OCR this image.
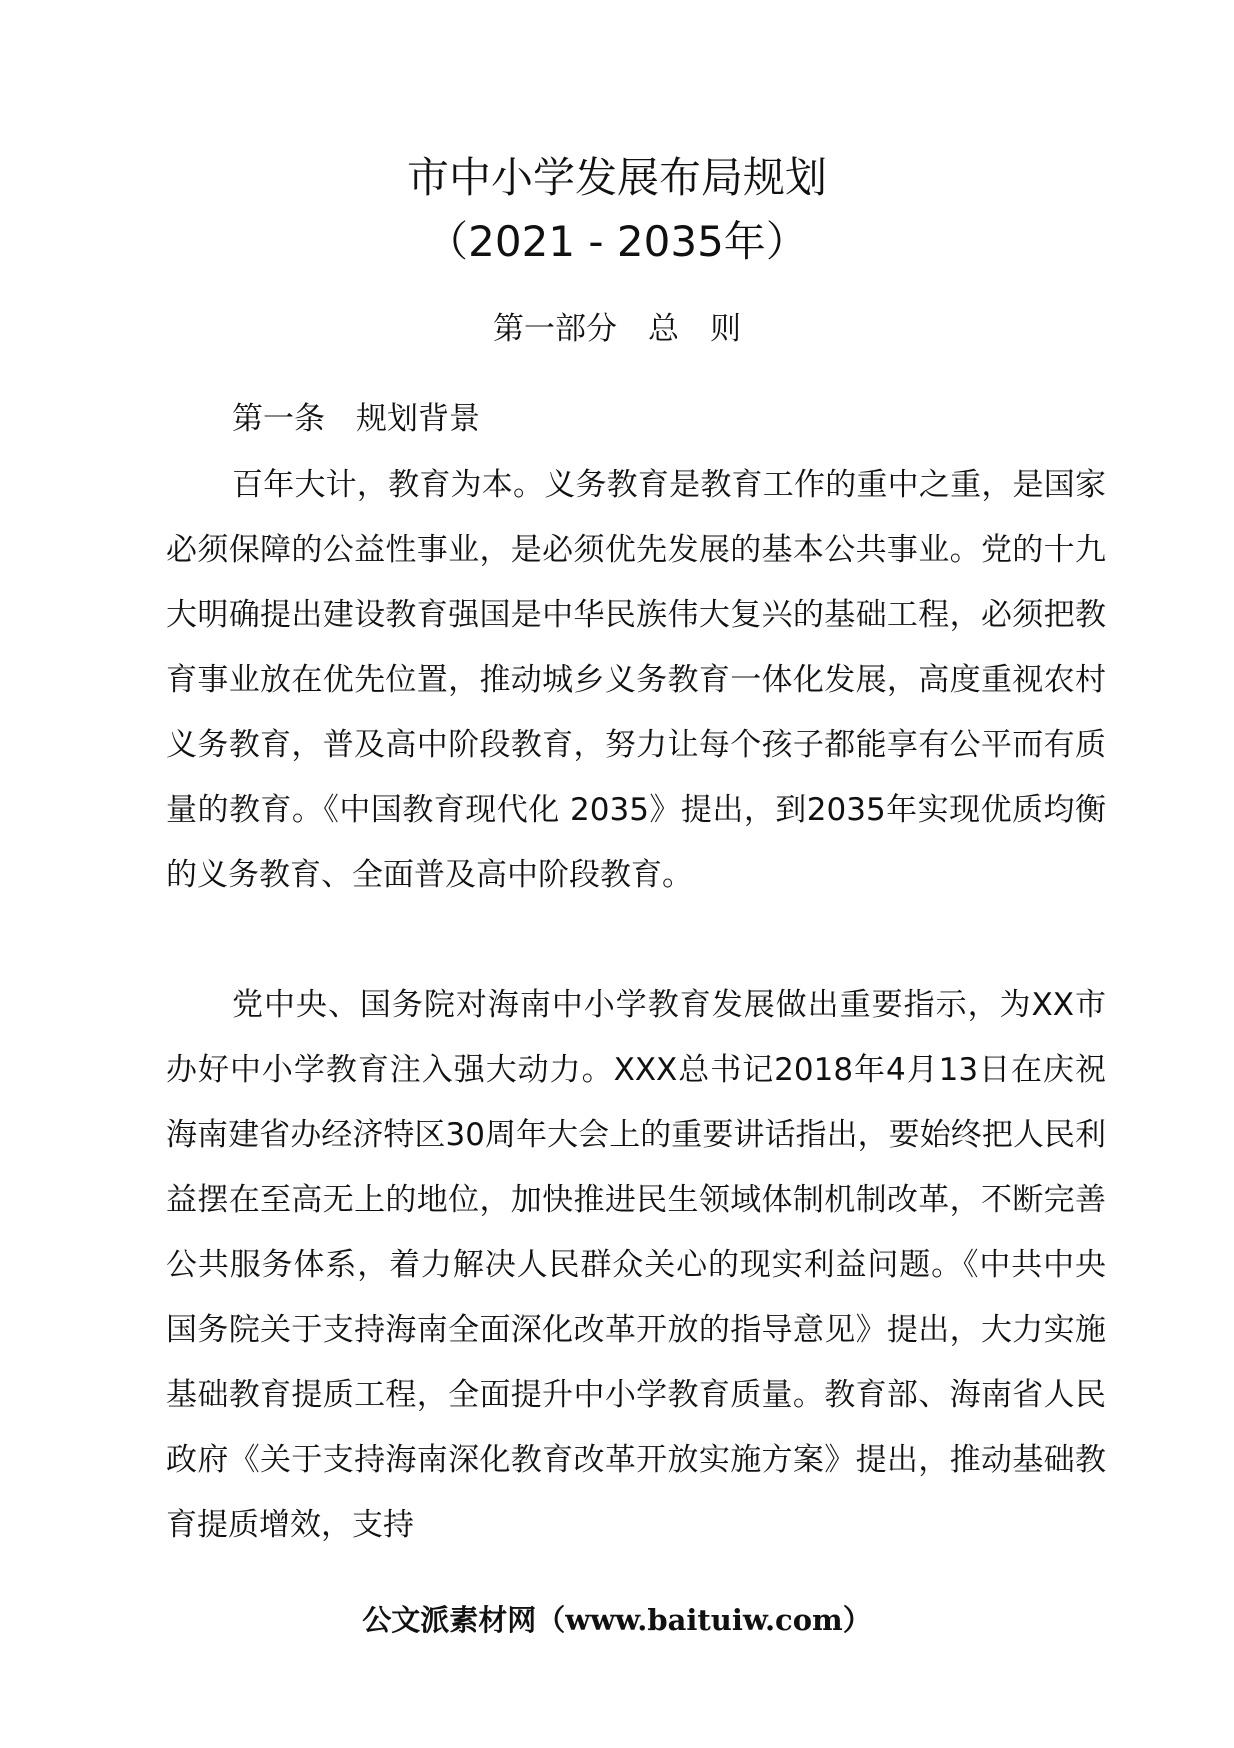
市中小学发展布局规划
（2021 - 2035年）
第一部分　总　则
第一条　规划背景

百年大计，教育为本。义务教育是教育工作的重中之重，是国家必须保障的公益性事业，是必须优先发展的基本公共事业。党的十九大明确提出建设教育强国是中华民族伟大复兴的基础工程，必须把教育事业放在优先位置，推动城乡义务教育一体化发展，高度重视农村义务教育，普及高中阶段教育，努力让每个孩子都能享有公平而有质量的教育。《中国教育现代化 2035》提出，到2035年实现优质均衡的义务教育、全面普及高中阶段教育。

党中央、国务院对海南中小学教育发展做出重要指示，为XX市办好中小学教育注入强大动力。XXX总书记2018年4月13日在庆祝海南建省办经济特区30周年大会上的重要讲话指出，要始终把人民利益摆在至高无上的地位，加快推进民生领域体制机制改革，不断完善公共服务体系，着力解决人民群众关心的现实利益问题。《中共中央 国务院关于支持海南全面深化改革开放的指导意见》提出，大力实施基础教育提质工程，全面提升中小学教育质量。教育部、海南省人民政府《关于支持海南深化教育改革开放实施方案》提出，推动基础教育提质增效，支持

公文派素材网（www.baituiw.com）
